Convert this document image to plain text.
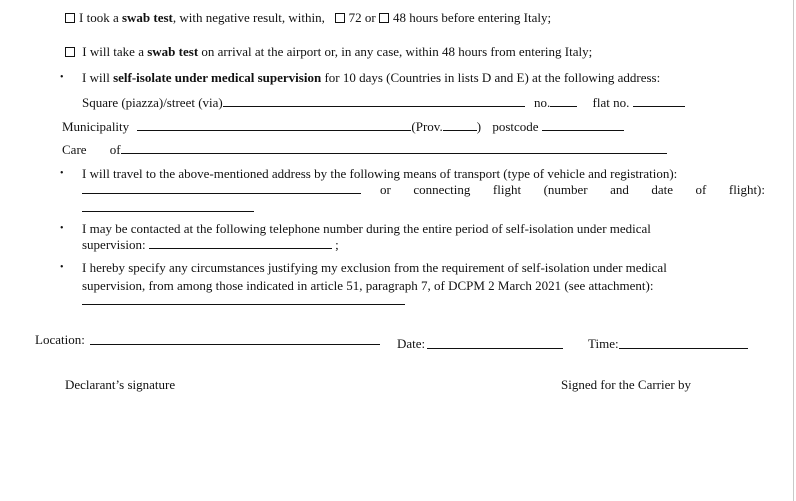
I took a swab test, with negative result, within, 72 or 48 hours before entering Italy;
I will take a swab test on arrival at the airport or, in any case, within 48 hours from entering Italy;
• I will self-isolate under medical supervision for 10 days (Countries in lists D and E) at the following address:
Square (piazza)/street (via)	no.	flat no.
Municipality	(Prov.	) postcode
Care of
• I will travel to the above-mentioned address by the following means of transport (type of vehicle and registration):
or connecting flight (number and date of flight):
• I may be contacted at the following telephone number during the entire period of self-isolation under medical
supervision:	;
• I hereby specify any circumstances justifying my exclusion from the requirement of self-isolation under medical
supervision, from among those indicated in article 51, paragraph 7, of DCPM 2 March 2021 (see attachment):
Location:	Date:	Time:
Declarant’s signature	Signed for the Carrier by
